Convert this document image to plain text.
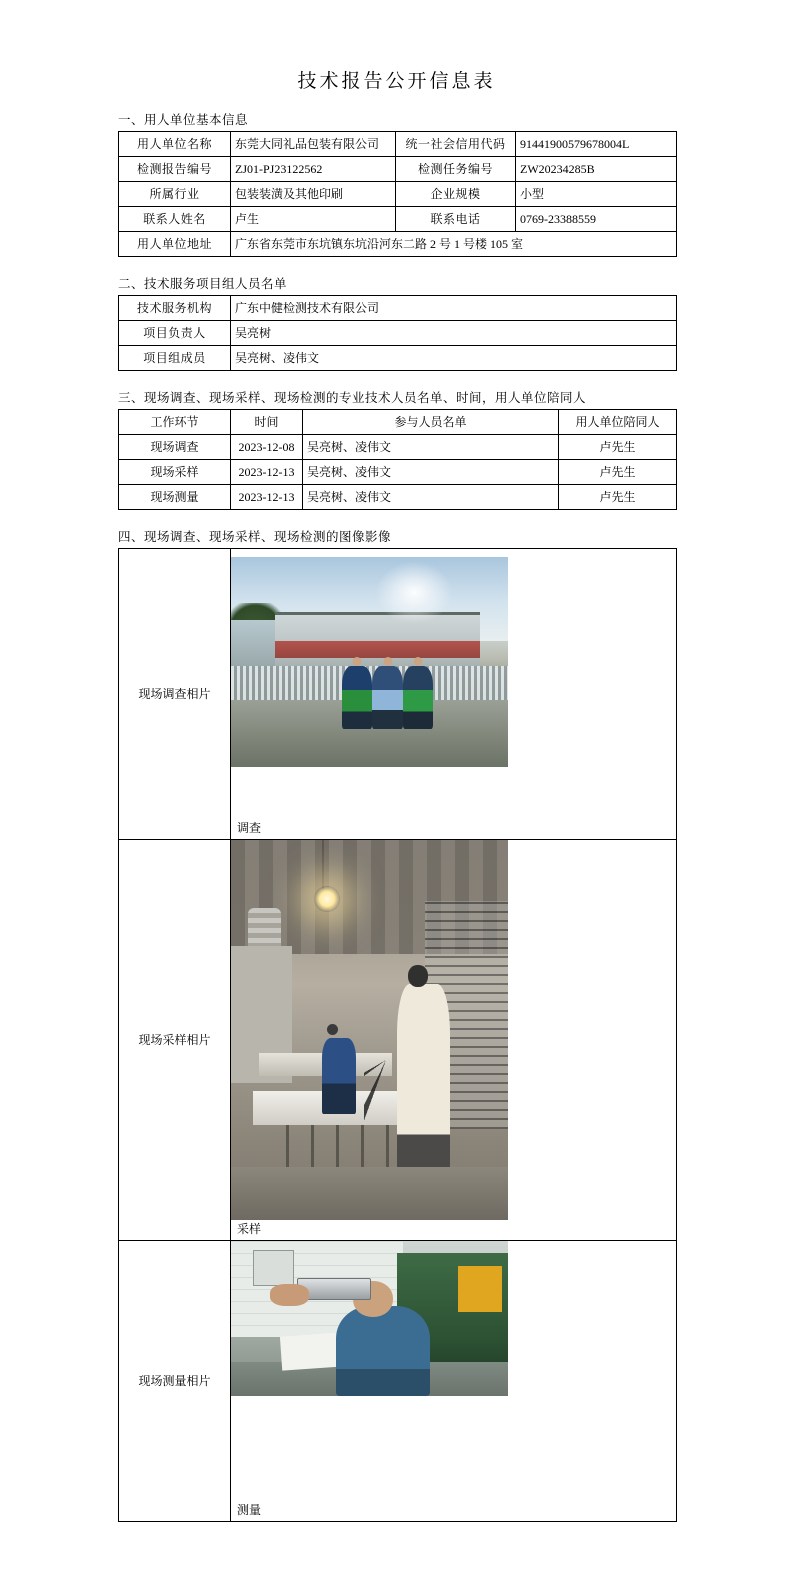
技术报告公开信息表
一、用人单位基本信息
用人单位名称	东莞大同礼品包装有限公司	统一社会信用代码	91441900579678004L
检测报告编号	ZJ01-PJ23122562	检测任务编号	ZW20234285B
所属行业	包装装潢及其他印刷	企业规模	小型
联系人姓名	卢生	联系电话	0769-23388559
用人单位地址	广东省东莞市东坑镇东坑沿河东二路 2 号 1 号楼 105 室		
二、技术服务项目组人员名单
技术服务机构	广东中健检测技术有限公司
项目负责人	吴亮树
项目组成员	吴亮树、凌伟文
三、现场调查、现场采样、现场检测的专业技术人员名单、时间，用人单位陪同人
工作环节	时间	参与人员名单	用人单位陪同人
现场调查	2023-12-08	吴亮树、凌伟文	卢先生
现场采样	2023-12-13	吴亮树、凌伟文	卢先生
现场测量	2023-12-13	吴亮树、凌伟文	卢先生
四、现场调查、现场采样、现场检测的图像影像
现场调查相片	调查

现场采样相片	采样

现场测量相片	测量
